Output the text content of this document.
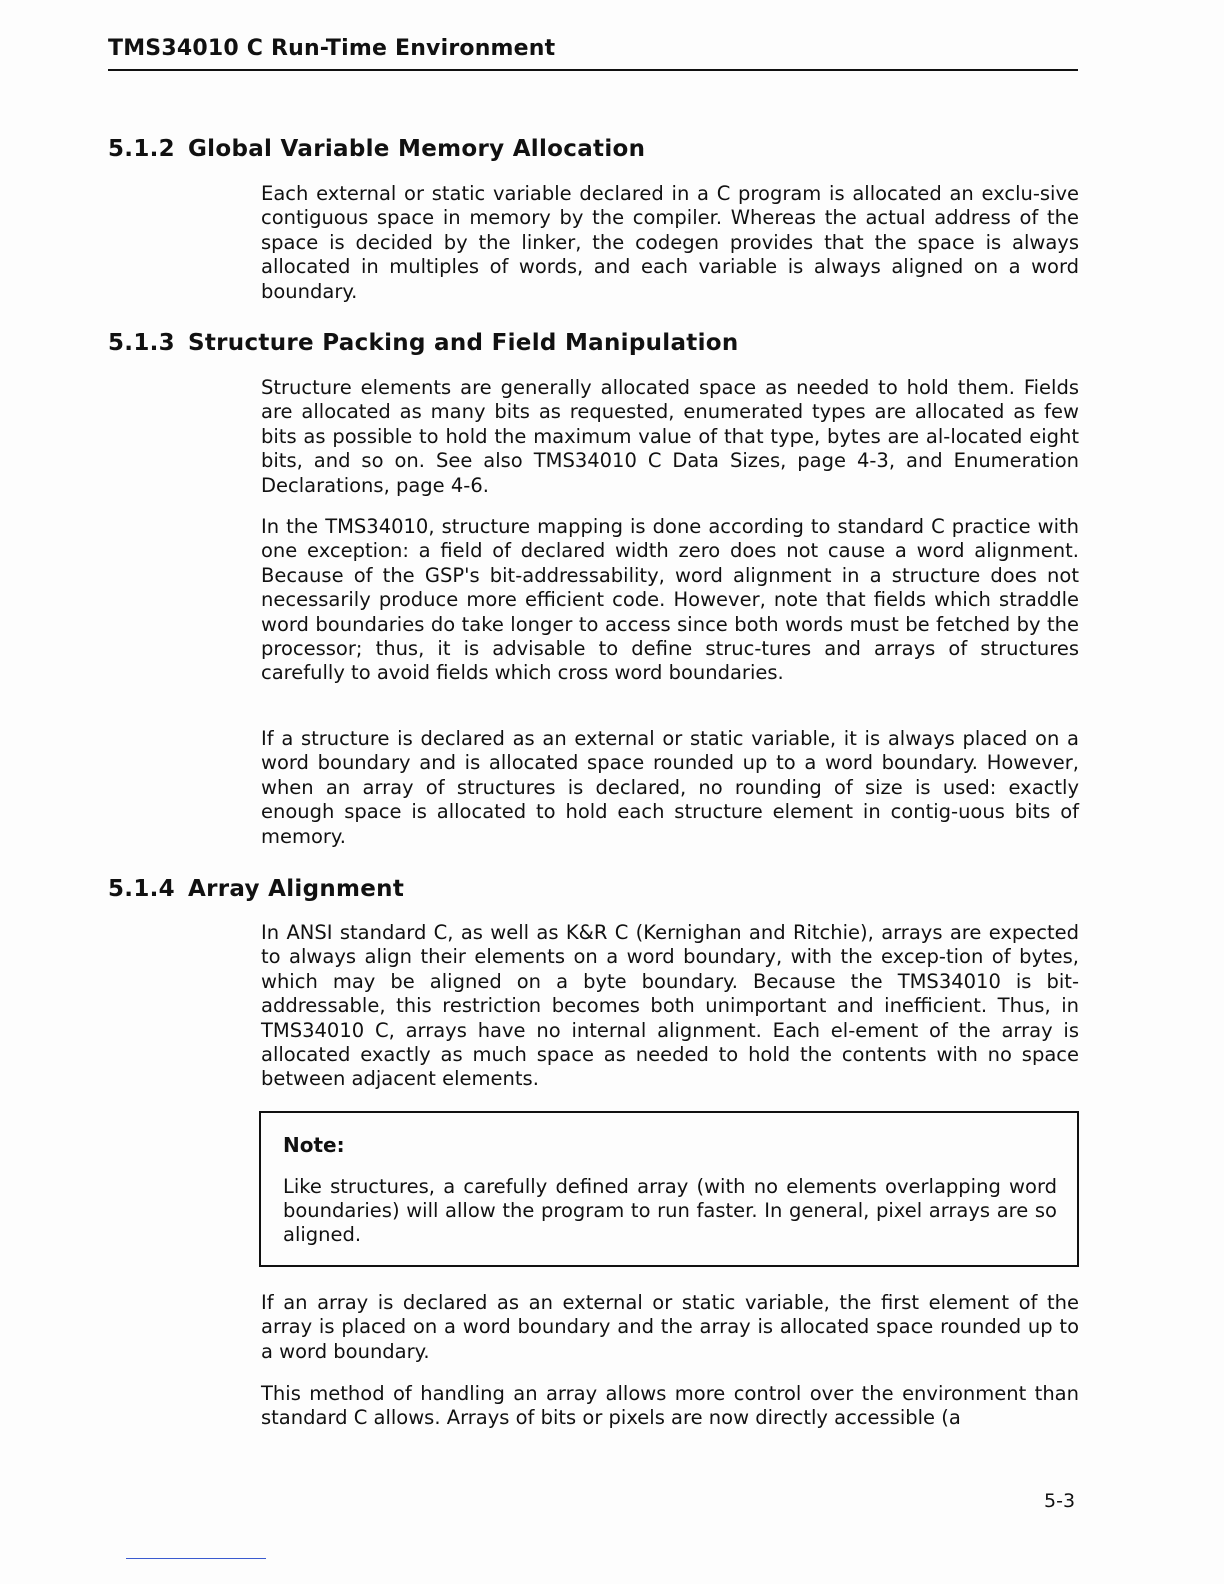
TMS34010 C Run-Time Environment
5.1.2 Global Variable Memory Allocation

Each external or static variable declared in a C program is allocated an exclu-sive contiguous space in memory by the compiler. Whereas the actual address of the space is decided by the linker, the codegen provides that the space is always allocated in multiples of words, and each variable is always aligned on a word boundary.

5.1.3 Structure Packing and Field Manipulation

Structure elements are generally allocated space as needed to hold them. Fields are allocated as many bits as requested, enumerated types are allocated as few bits as possible to hold the maximum value of that type, bytes are al-located eight bits, and so on. See also TMS34010 C Data Sizes, page 4-3, and Enumeration Declarations, page 4-6.

In the TMS34010, structure mapping is done according to standard C practice with one exception: a field of declared width zero does not cause a word alignment. Because of the GSP's bit-addressability, word alignment in a structure does not necessarily produce more efficient code. However, note that fields which straddle word boundaries do take longer to access since both words must be fetched by the processor; thus, it is advisable to define struc-tures and arrays of structures carefully to avoid fields which cross word boundaries.

If a structure is declared as an external or static variable, it is always placed on a word boundary and is allocated space rounded up to a word boundary. However, when an array of structures is declared, no rounding of size is used: exactly enough space is allocated to hold each structure element in contig-uous bits of memory.

5.1.4 Array Alignment

In ANSI standard C, as well as K&R C (Kernighan and Ritchie), arrays are expected to always align their elements on a word boundary, with the excep-tion of bytes, which may be aligned on a byte boundary. Because the TMS34010 is bit-addressable, this restriction becomes both unimportant and inefficient. Thus, in TMS34010 C, arrays have no internal alignment. Each el-ement of the array is allocated exactly as much space as needed to hold the contents with no space between adjacent elements.

Note:

Like structures, a carefully defined array (with no elements overlapping word boundaries) will allow the program to run faster. In general, pixel arrays are so aligned.

If an array is declared as an external or static variable, the first element of the array is placed on a word boundary and the array is allocated space rounded up to a word boundary.

This method of handling an array allows more control over the environment than standard C allows. Arrays of bits or pixels are now directly accessible (a

5-3
